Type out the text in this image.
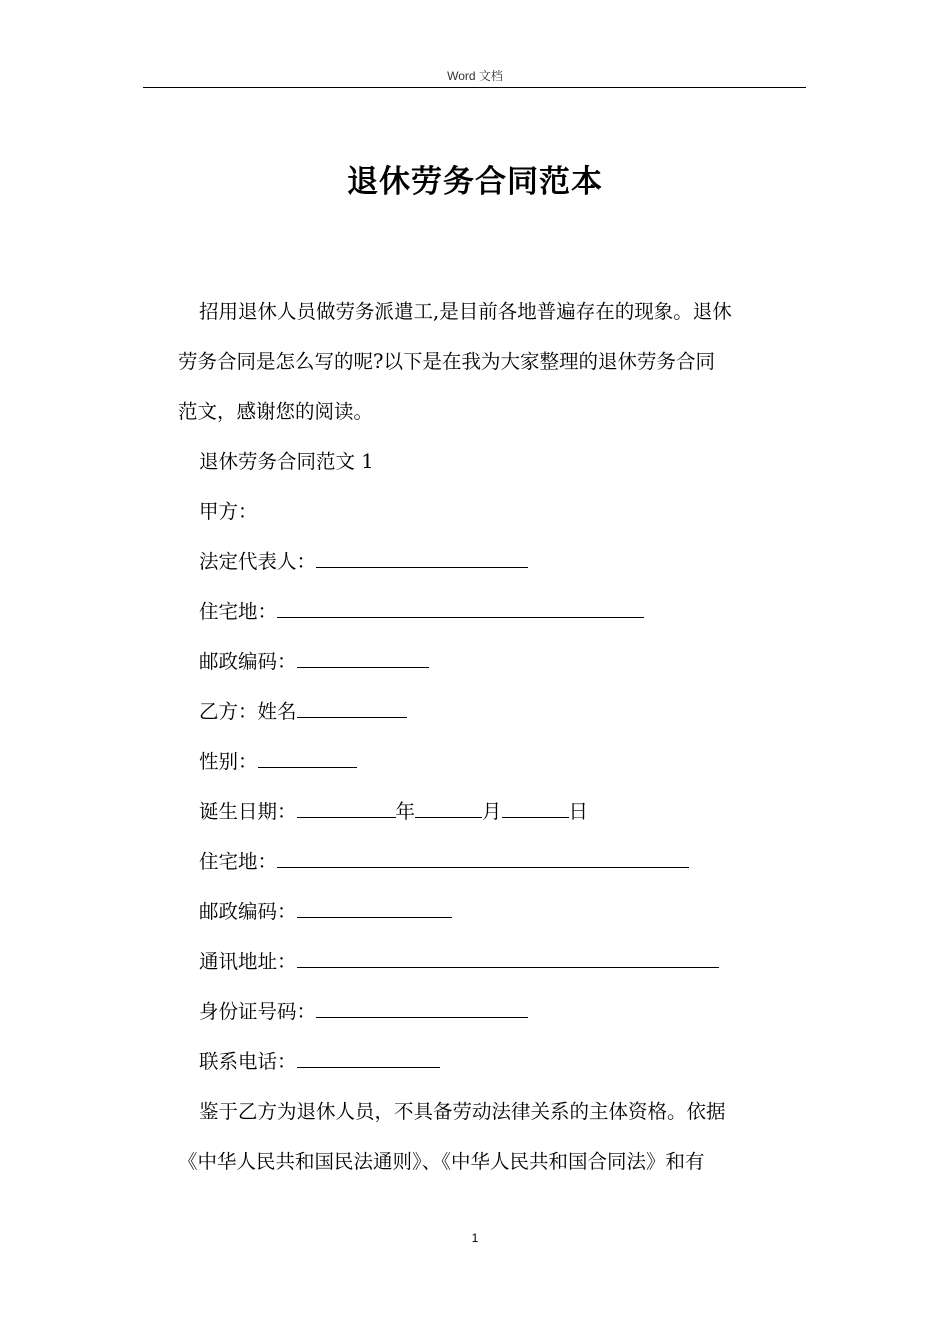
Word 文档
退休劳务合同范本
招用退休人员做劳务派遣工,是目前各地普遍存在的现象。退休
劳务合同是怎么写的呢?以下是在我为大家整理的退休劳务合同
范文，感谢您的阅读。
退休劳务合同范文 1
甲方：
法定代表人：
住宅地：
邮政编码：
乙方：姓名
性别：
诞生日期：	年	月	日
住宅地：
邮政编码：
通讯地址：
身份证号码：
联系电话：
鉴于乙方为退休人员，不具备劳动法律关系的主体资格。依据
《中华人民共和国民法通则》、《中华人民共和国合同法》和有
1
